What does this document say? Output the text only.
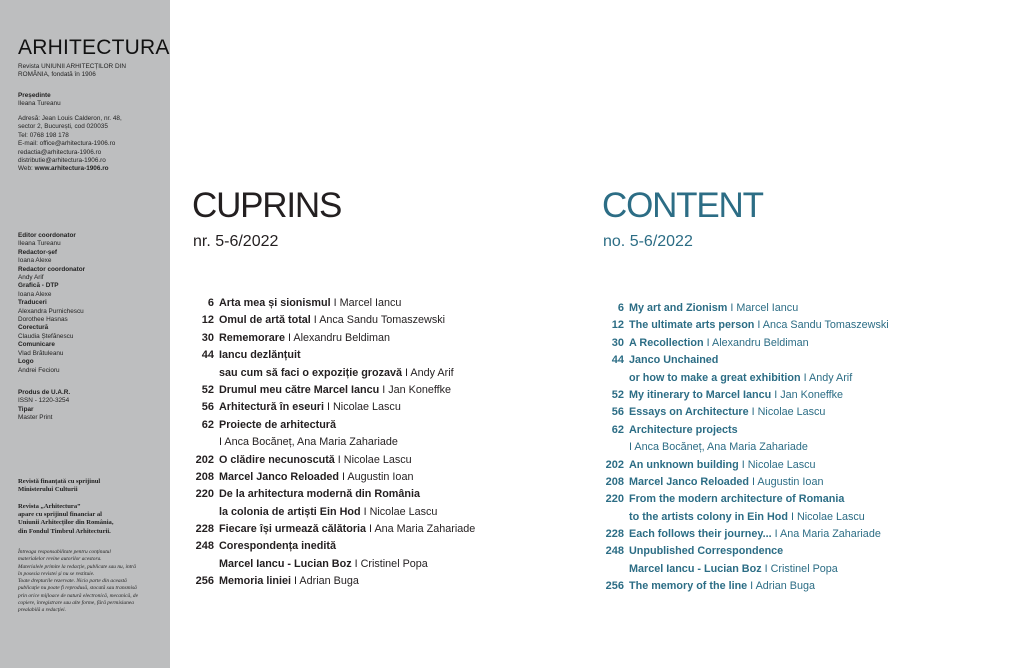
ARHITECTURA
Revista UNIUNII ARHITECȚILOR DIN
ROMÂNIA, fondată în 1906
Președinte
Ileana Tureanu
Adresă: Jean Louis Calderon, nr. 48,
sector 2, București, cod 020035
Tel: 0768 198 178
E-mail: office@arhitectura-1906.ro
redactia@arhitectura-1906.ro
distributie@arhitectura-1906.ro
Web: www.arhitectura-1906.ro
Editor coordonator
Ileana Tureanu
Redactor-șef
Ioana Alexe
Redactor coordonator
Andy Arif
Grafică - DTP
Ioana Alexe
Traduceri
Alexandra Purnichescu
Dorothee Hasnas
Corectură
Claudia Ștefănescu
Comunicare
Vlad Brătuleanu
Logo
Andrei Fecioru
Produs de U.A.R.
ISSN - 1220-3254
Tipar
Master Print
Revistă finanțată cu sprijinul
Ministerului Culturii
Revista „Arhitectura”
apare cu sprijinul financiar al
Uniunii Arhitecților din România,
din Fondul Timbrul Arhitecturii.
Întreaga responsabilitate pentru conținutul
materialelor revine autorilor acestora.
Materialele primite la redacție, publicate sau nu, intră
în posesia revistei și nu se restituie.
Toate drepturile rezervate. Nicio parte din această
publicație nu poate fi reprodusă, stocată sau transmisă
prin orice mijloace de natură electronică, mecanică, de
copiere, înregistrare sau alte forme, fără permisiunea
prealabilă a redacției.
CUPRINS
nr. 5-6/2022
6 Arta mea și sionismul I Marcel Iancu
12 Omul de artă total I Anca Sandu Tomaszewski
30 Rememorare I Alexandru Beldiman
44 Iancu dezlănțuit
sau cum să faci o expoziție grozavă I Andy Arif
52 Drumul meu către Marcel Iancu I Jan Koneffke
56 Arhitectură în eseuri I Nicolae Lascu
62 Proiecte de arhitectură
I Anca Bocăneț, Ana Maria Zahariade
202 O clădire necunoscută I Nicolae Lascu
208 Marcel Janco Reloaded I Augustin Ioan
220 De la arhitectura modernă din România
la colonia de artiști Ein Hod I Nicolae Lascu
228 Fiecare își urmează călătoria I Ana Maria Zahariade
248 Corespondența inedită
Marcel Iancu - Lucian Boz I Cristinel Popa
256 Memoria liniei I Adrian Buga
CONTENT
no. 5-6/2022
6 My art and Zionism I Marcel Iancu
12 The ultimate arts person I Anca Sandu Tomaszewski
30 A Recollection I Alexandru Beldiman
44 Janco Unchained
or how to make a great exhibition I Andy Arif
52 My itinerary to Marcel Iancu I Jan Koneffke
56 Essays on Architecture I Nicolae Lascu
62 Architecture projects
I Anca Bocăneț, Ana Maria Zahariade
202 An unknown building I Nicolae Lascu
208 Marcel Janco Reloaded I Augustin Ioan
220 From the modern architecture of Romania
to the artists colony in Ein Hod I Nicolae Lascu
228 Each follows their journey... I Ana Maria Zahariade
248 Unpublished Correspondence
Marcel Iancu - Lucian Boz I Cristinel Popa
256 The memory of the line I Adrian Buga
